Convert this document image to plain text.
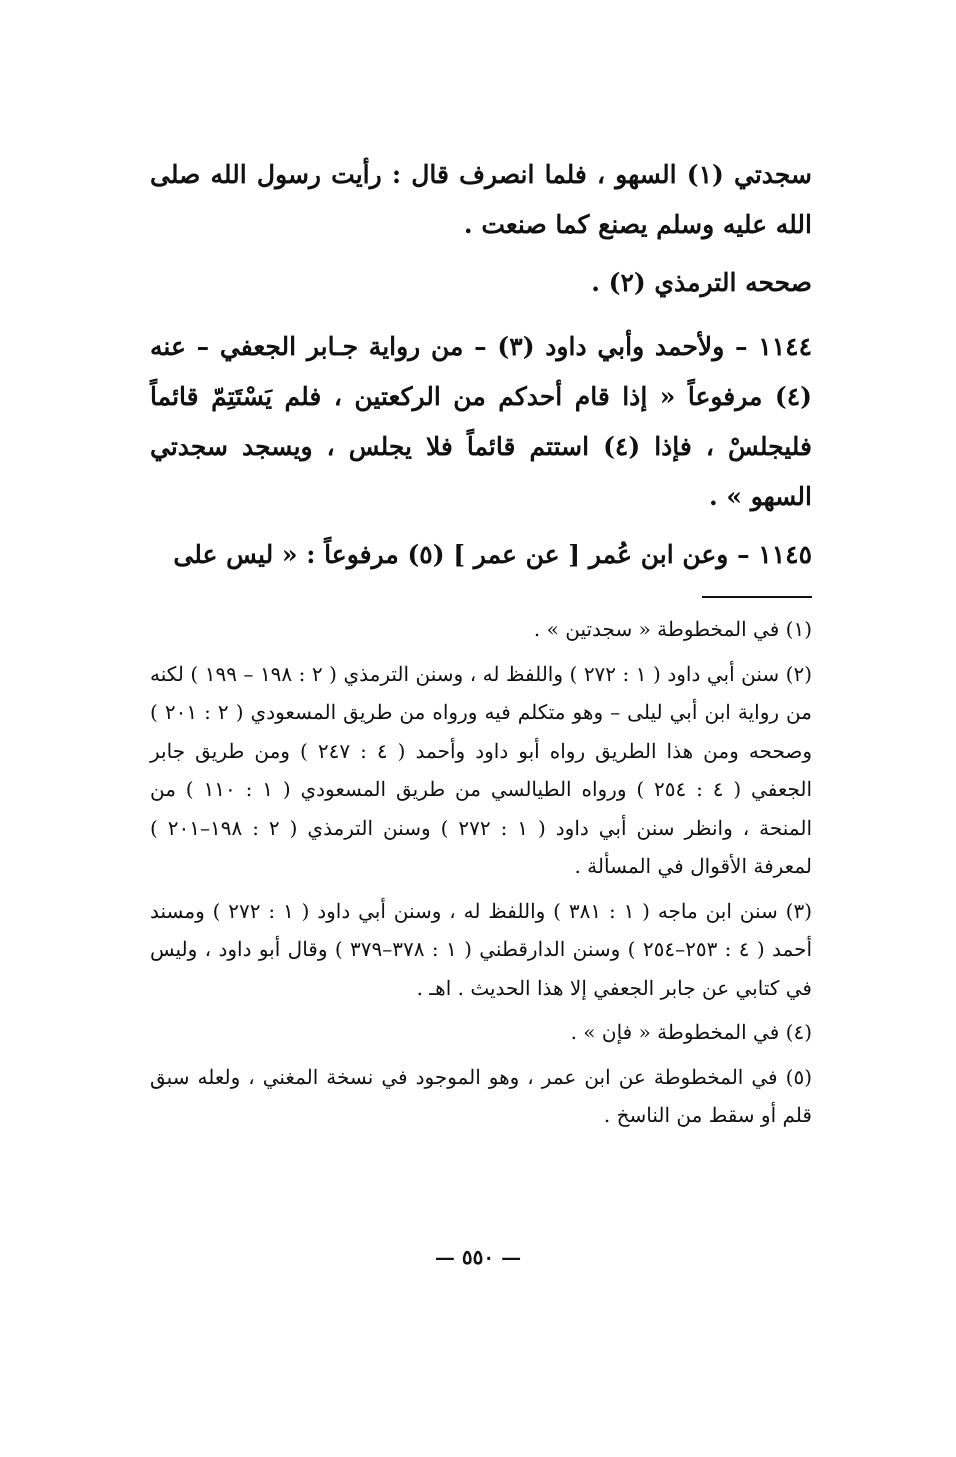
سجدتي (١) السهو ، فلما انصرف قال : رأيت رسول الله صلى الله عليه وسلم يصنع كما صنعت .

صححه الترمذي (٢) .

١١٤٤ – ولأحمد وأبي داود (٣) – من رواية جـابر الجعفي – عنه (٤) مرفوعاً « إذا قام أحدكم من الركعتين ، فلم يَسْتَتِمّ قائماً فليجلسْ ، فإذا (٤) استتم قائماً فلا يجلس ، ويسجد سجدتي السهو » .

١١٤٥ – وعن ابن عُمر [ عن عمر ] (٥) مرفوعاً : « ليس على

(١) في المخطوطة « سجدتين » .

(٢) سنن أبي داود ( ١ : ٢٧٢ ) واللفظ له ، وسنن الترمذي ( ٢ : ١٩٨ – ١٩٩ ) لكنه من رواية ابن أبي ليلى – وهو متكلم فيه ورواه من طريق المسعودي ( ٢ : ٢٠١ ) وصححه ومن هذا الطريق رواه أبو داود وأحمد ( ٤ : ٢٤٧ ) ومن طريق جابر الجعفي ( ٤ : ٢٥٤ ) ورواه الطيالسي من طريق المسعودي ( ١ : ١١٠ ) من المنحة ، وانظر سنن أبي داود ( ١ : ٢٧٢ ) وسنن الترمذي ( ٢ : ١٩٨–٢٠١ ) لمعرفة الأقوال في المسألة .

(٣) سنن ابن ماجه ( ١ : ٣٨١ ) واللفظ له ، وسنن أبي داود ( ١ : ٢٧٢ ) ومسند أحمد ( ٤ : ٢٥٣–٢٥٤ ) وسنن الدارقطني ( ١ : ٣٧٨–٣٧٩ ) وقال أبو داود ، وليس في كتابي عن جابر الجعفي إلا هذا الحديث . اهـ .

(٤) في المخطوطة « فإن » .

(٥) في المخطوطة عن ابن عمر ، وهو الموجود في نسخة المغني ، ولعله سبق قلم أو سقط من الناسخ .

— ٥٥٠ —
